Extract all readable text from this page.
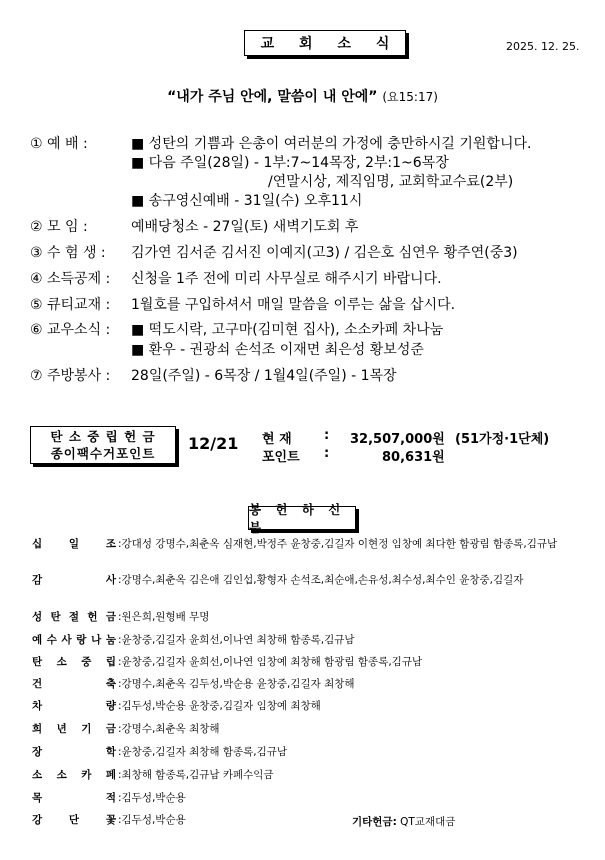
교 회 소 식	2025. 12. 25.
“내가 주님 안에, 말씀이 내 안에” (요15:17)
① 예 배 :	■ 성탄의 기쁨과 은총이 여러분의 가정에 충만하시길 기원합니다.
■ 다음 주일(28일) - 1부:7~14목장, 2부:1~6목장
/연말시상, 제직임명, 교회학교수료(2부)
■ 송구영신예배 - 31일(수) 오후11시
② 모 임 :	예배당청소 - 27일(토) 새벽기도회 후
③ 수 험 생 : 김가연 김서준 김서진 이예지(고3) / 김은호 심연우 황주연(중3)
④ 소득공제 : 신청을 1주 전에 미리 사무실로 해주시기 바랍니다.
⑤ 큐티교재 : 1월호를 구입하셔서 매일 말씀을 이루는 삶을 삽시다.
⑥ 교우소식 : ■ 떡도시락, 고구마(김미현 집사), 소소카페 차나눔
■ 환우 - 권광쇠 손석조 이재면 최은성 황보성준
⑦ 주방봉사 : 28일(주일) - 6목장 / 1월4일(주일) - 1목장
탄 소 중 립 헌 금
종이팩수거포인트
12/21 현 재 : 32,507,000원 (51가정·1단체)
포인트 :	80,631원
봉 헌 하 신 분
십	일	조 :강대성 강명수,최춘옥 심재현,박정주 윤창중,김길자 이현정 임창예 최다한 함광림 함종록,김규남
감	사 :강명수,최춘옥 김은애 김인섭,황형자 손석조,최순애,손유성,최수성,최수인 윤창중,김길자
성 탄 절 헌 금 :원은희,원형배 무명
예 수 사 랑 나 눔 :윤창중,김길자 윤희선,이나연 최창해 함종록,김규남
탄 소 중 립 :윤창중,김길자 윤희선,이나연 임창예 최창해 함광림 함종록,김규남
건	축 :강명수,최춘옥 김두성,박순용 윤창중,김길자 최창해
차	량 :김두성,박순용 윤창중,김길자 임창예 최창해
희 년 기 금 :강명수,최춘옥 최창해
장	학 :윤창중,김길자 최창해 함종록,김규남
소 소 카 페 :최창해 함종록,김규남 카페수익금
목	적 :김두성,박순용
강	단	꽃 :김두성,박순용	기타헌금: QT교재대금
